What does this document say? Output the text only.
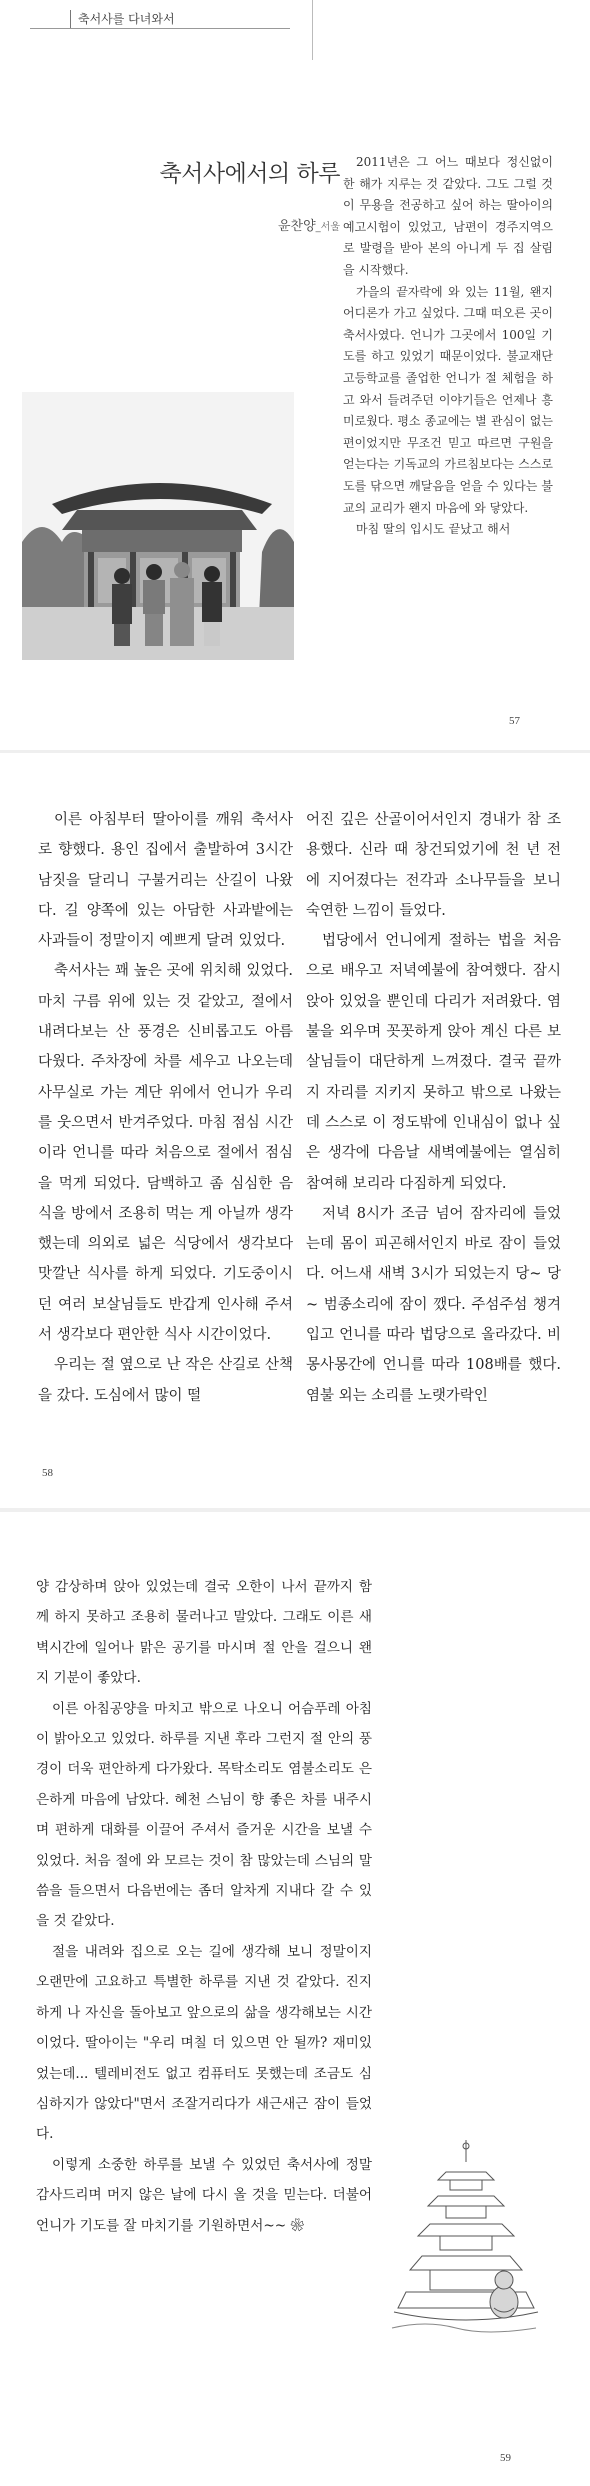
축서사를 다녀와서
축서사에서의 하루
윤찬양_서울

2011년은 그 어느 때보다 정신없이 한 해가 지루는 것 같았다. 그도 그럴 것이 무용을 전공하고 싶어 하는 딸아이의 예고시험이 있었고, 남편이 경주지역으로 발령을 받아 본의 아니게 두 집 살림을 시작했다.

가을의 끝자락에 와 있는 11월, 왠지 어디론가 가고 싶었다. 그때 떠오른 곳이 축서사였다. 언니가 그곳에서 100일 기도를 하고 있었기 때문이었다. 불교재단 고등학교를 졸업한 언니가 절 체험을 하고 와서 들려주던 이야기들은 언제나 흥미로웠다. 평소 종교에는 별 관심이 없는 편이었지만 무조건 믿고 따르면 구원을 얻는다는 기독교의 가르침보다는 스스로 도를 닦으면 깨달음을 얻을 수 있다는 불교의 교리가 왠지 마음에 와 닿았다.

마침 딸의 입시도 끝났고 해서

57

이른 아침부터 딸아이를 깨워 축서사로 향했다. 용인 집에서 출발하여 3시간 남짓을 달리니 구불거리는 산길이 나왔다. 길 양쪽에 있는 아담한 사과밭에는 사과들이 정말이지 예쁘게 달려 있었다.

축서사는 꽤 높은 곳에 위치해 있었다. 마치 구름 위에 있는 것 같았고, 절에서 내려다보는 산 풍경은 신비롭고도 아름다웠다. 주차장에 차를 세우고 나오는데 사무실로 가는 계단 위에서 언니가 우리를 웃으면서 반겨주었다. 마침 점심 시간이라 언니를 따라 처음으로 절에서 점심을 먹게 되었다. 담백하고 좀 심심한 음식을 방에서 조용히 먹는 게 아닐까 생각했는데 의외로 넓은 식당에서 생각보다 맛깔난 식사를 하게 되었다. 기도중이시던 여러 보살님들도 반갑게 인사해 주셔서 생각보다 편안한 식사 시간이었다.

우리는 절 옆으로 난 작은 산길로 산책을 갔다. 도심에서 많이 떨

어진 깊은 산골이어서인지 경내가 참 조용했다. 신라 때 창건되었기에 천 년 전에 지어졌다는 전각과 소나무들을 보니 숙연한 느낌이 들었다.

법당에서 언니에게 절하는 법을 처음으로 배우고 저녁예불에 참여했다. 잠시 앉아 있었을 뿐인데 다리가 저려왔다. 염불을 외우며 꼿꼿하게 앉아 계신 다른 보살님들이 대단하게 느껴졌다. 결국 끝까지 자리를 지키지 못하고 밖으로 나왔는데 스스로 이 정도밖에 인내심이 없나 싶은 생각에 다음날 새벽예불에는 열심히 참여해 보리라 다짐하게 되었다.

저녁 8시가 조금 넘어 잠자리에 들었는데 몸이 피곤해서인지 바로 잠이 들었다. 어느새 새벽 3시가 되었는지 당~ 당~ 범종소리에 잠이 깼다. 주섬주섬 챙겨 입고 언니를 따라 법당으로 올라갔다. 비몽사몽간에 언니를 따라 108배를 했다. 염불 외는 소리를 노랫가락인

58

양 감상하며 앉아 있었는데 결국 오한이 나서 끝까지 함께 하지 못하고 조용히 물러나고 말았다. 그래도 이른 새벽시간에 일어나 맑은 공기를 마시며 절 안을 걸으니 왠지 기분이 좋았다.

이른 아침공양을 마치고 밖으로 나오니 어슴푸레 아침이 밝아오고 있었다. 하루를 지낸 후라 그런지 절 안의 풍경이 더욱 편안하게 다가왔다. 목탁소리도 염불소리도 은은하게 마음에 남았다. 혜천 스님이 향 좋은 차를 내주시며 편하게 대화를 이끌어 주셔서 즐거운 시간을 보낼 수 있었다. 처음 절에 와 모르는 것이 참 많았는데 스님의 말씀을 들으면서 다음번에는 좀더 알차게 지내다 갈 수 있을 것 같았다.

절을 내려와 집으로 오는 길에 생각해 보니 정말이지 오랜만에 고요하고 특별한 하루를 지낸 것 같았다. 진지하게 나 자신을 돌아보고 앞으로의 삶을 생각해보는 시간이었다. 딸아이는 "우리 며칠 더 있으면 안 될까? 재미있었는데... 텔레비전도 없고 컴퓨터도 못했는데 조금도 심심하지가 않았다"면서 조잘거리다가 새근새근 잠이 들었다.

이렇게 소중한 하루를 보낼 수 있었던 축서사에 정말 감사드리며 머지 않은 날에 다시 올 것을 믿는다. 더불어 언니가 기도를 잘 마치기를 기원하면서~~ ❀

59
